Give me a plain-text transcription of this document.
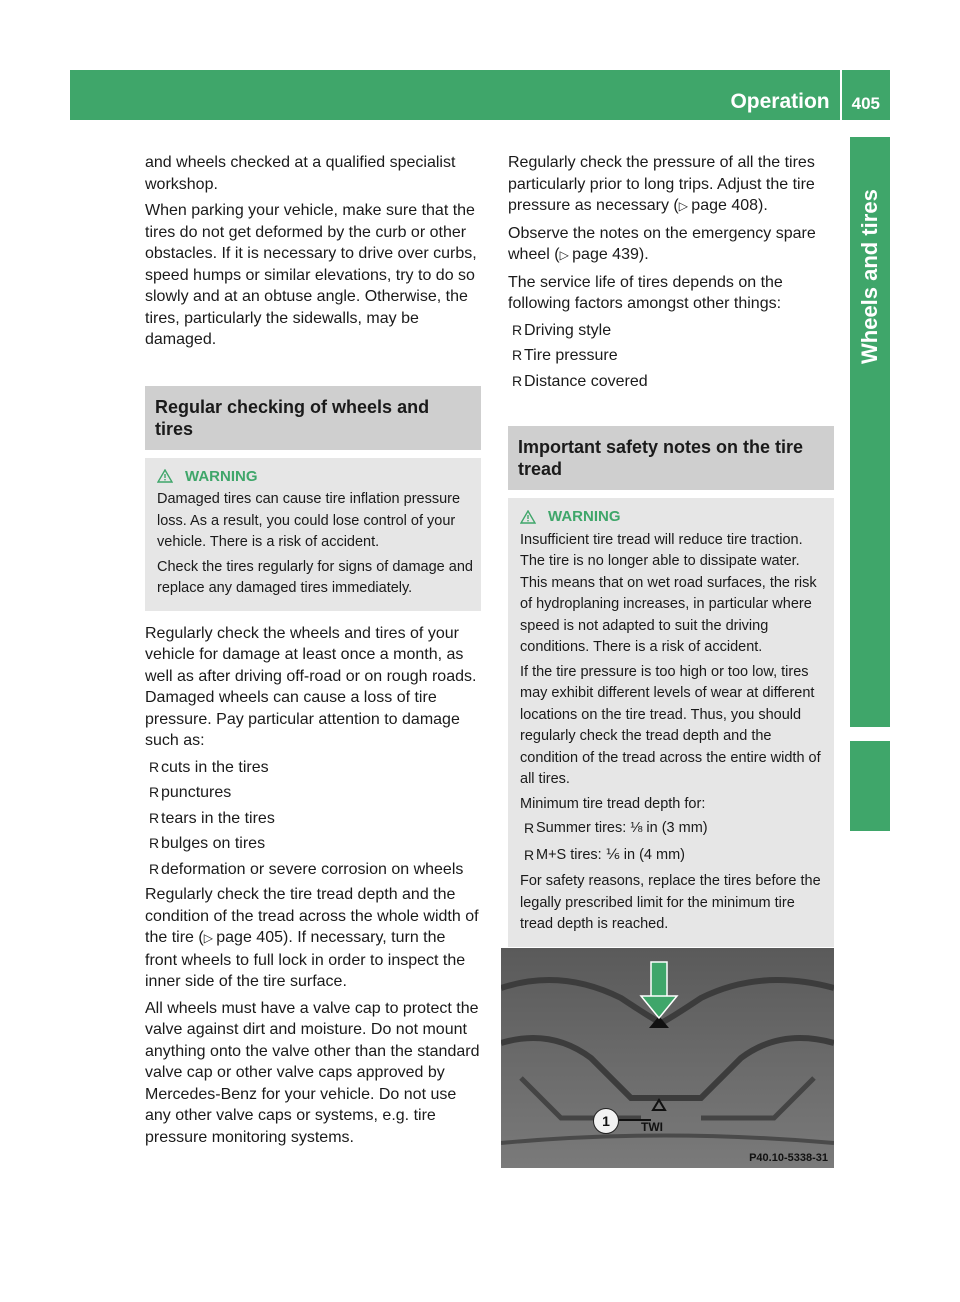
Operation	405
Wheels and tires

and wheels checked at a qualified specialist workshop.

When parking your vehicle, make sure that the tires do not get deformed by the curb or other obstacles. If it is necessary to drive over curbs, speed humps or similar elevations, try to do so slowly and at an obtuse angle. Otherwise, the tires, particularly the sidewalls, may be damaged.

Regular checking of wheels and tires
WARNING

Damaged tires can cause tire inflation pressure loss. As a result, you could lose control of your vehicle. There is a risk of accident.

Check the tires regularly for signs of damage and replace any damaged tires immediately.

Regularly check the wheels and tires of your vehicle for damage at least once a month, as well as after driving off-road or on rough roads. Damaged wheels can cause a loss of tire pressure. Pay particular attention to damage such as:

R cuts in the tires
R punctures
R tears in the tires
R bulges on tires
R deformation or severe corrosion on wheels

Regularly check the tire tread depth and the condition of the tread across the whole width of the tire (▷ page 405). If necessary, turn the front wheels to full lock in order to inspect the inner side of the tire surface.

All wheels must have a valve cap to protect the valve against dirt and moisture. Do not mount anything onto the valve other than the standard valve cap or other valve caps approved by Mercedes-Benz for your vehicle. Do not use any other valve caps or systems, e.g. tire pressure monitoring systems.

Regularly check the pressure of all the tires particularly prior to long trips. Adjust the tire pressure as necessary (▷ page 408).

Observe the notes on the emergency spare wheel (▷ page 439).

The service life of tires depends on the following factors amongst other things:

R Driving style
R Tire pressure
R Distance covered
Important safety notes on the tire tread
WARNING

Insufficient tire tread will reduce tire traction. The tire is no longer able to dissipate water. This means that on wet road surfaces, the risk of hydroplaning increases, in particular where speed is not adapted to suit the driving conditions. There is a risk of accident.

If the tire pressure is too high or too low, tires may exhibit different levels of wear at different locations on the tire tread. Thus, you should regularly check the tread depth and the condition of the tread across the entire width of all tires.

Minimum tire tread depth for:

R Summer tires: ⅛ in (3 mm)
R M+S tires: ⅙ in (4 mm)

For safety reasons, replace the tires before the legally prescribed limit for the minimum tire tread depth is reached.

1	TWI
P40.10-5338-31
